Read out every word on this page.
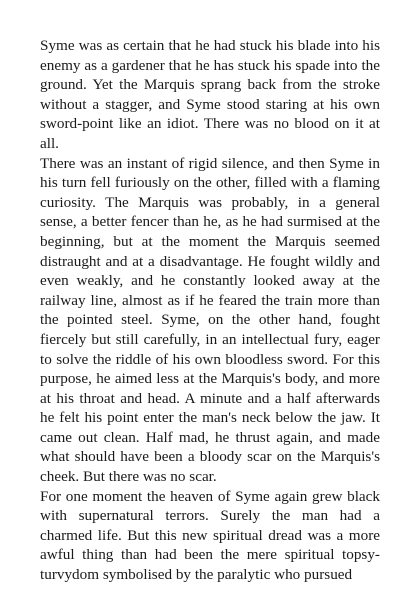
Syme was as certain that he had stuck his blade into his enemy as a gardener that he has stuck his spade into the ground. Yet the Marquis sprang back from the stroke without a stagger, and Syme stood staring at his own sword-point like an idiot. There was no blood on it at all.

There was an instant of rigid silence, and then Syme in his turn fell furiously on the other, filled with a flaming curiosity. The Marquis was probably, in a general sense, a better fencer than he, as he had surmised at the beginning, but at the moment the Marquis seemed distraught and at a disadvantage. He fought wildly and even weakly, and he constantly looked away at the railway line, almost as if he feared the train more than the pointed steel. Syme, on the other hand, fought fiercely but still carefully, in an intellectual fury, eager to solve the riddle of his own bloodless sword. For this purpose, he aimed less at the Marquis's body, and more at his throat and head. A minute and a half afterwards he felt his point enter the man's neck below the jaw. It came out clean. Half mad, he thrust again, and made what should have been a bloody scar on the Marquis's cheek. But there was no scar.

For one moment the heaven of Syme again grew black with supernatural terrors. Surely the man had a charmed life. But this new spiritual dread was a more awful thing than had been the mere spiritual topsy-turvydom symbolised by the paralytic who pursued
